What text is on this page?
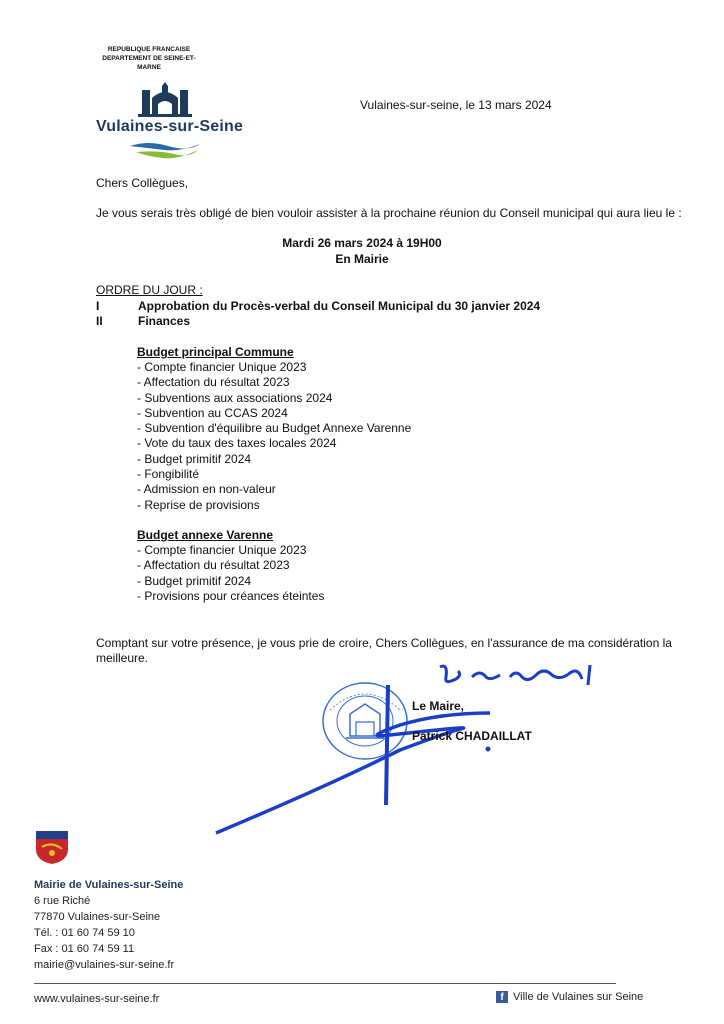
REPUBLIQUE FRANCAISE
DEPARTEMENT DE SEINE-ET-
MARNE
Vulaines-sur-Seine
Vulaines-sur-seine, le 13 mars 2024
Chers Collègues,
Je vous serais très obligé de bien vouloir assister à la prochaine réunion du Conseil municipal qui aura lieu le :
Mardi 26 mars 2024 à 19H00
En Mairie
ORDRE DU JOUR :
I	Approbation du Procès-verbal du Conseil Municipal du 30 janvier 2024
II	Finances
Budget principal Commune
- Compte financier Unique 2023
- Affectation du résultat 2023
- Subventions aux associations 2024
- Subvention au CCAS 2024
- Subvention d'équilibre au Budget Annexe Varenne
- Vote du taux des taxes locales 2024
- Budget primitif 2024
- Fongibilité
- Admission en non-valeur
- Reprise de provisions
Budget annexe Varenne
- Compte financier Unique 2023
- Affectation du résultat 2023
- Budget primitif 2024
- Provisions pour créances éteintes
Comptant sur votre présence, je vous prie de croire, Chers Collègues, en l'assurance de ma considération la
meilleure.
Le Maire,
Patrick CHADAILLAT
Mairie de Vulaines-sur-Seine
6 rue Riché
77870 Vulaines-sur-Seine
Tél. : 01 60 74 59 10
Fax : 01 60 74 59 11
mairie@vulaines-sur-seine.fr
www.vulaines-sur-seine.fr	f Ville de Vulaines sur Seine
